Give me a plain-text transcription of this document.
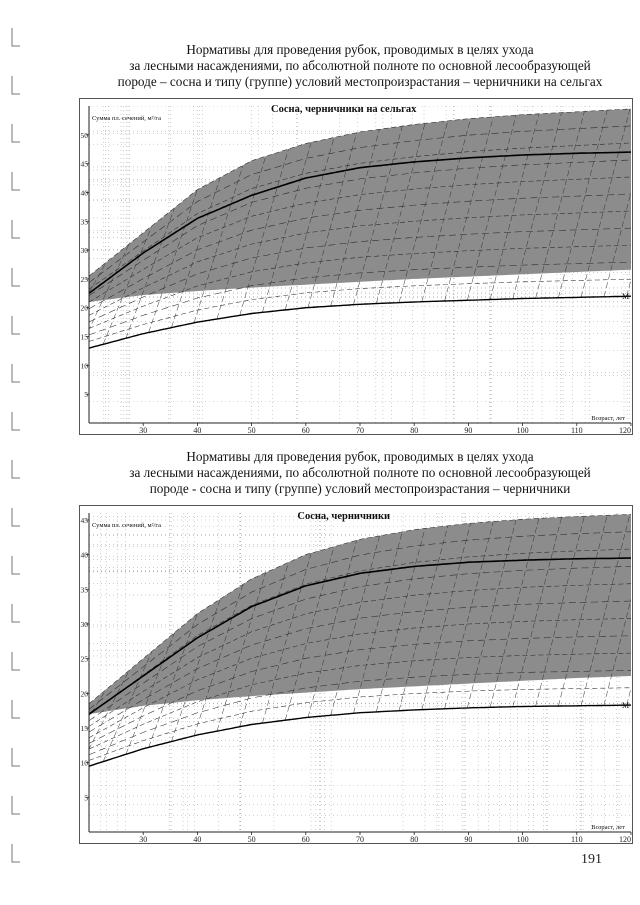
Нормативы для проведения рубок, проводимых в целях ухода
за лесными насаждениями, по абсолютной полноте по основной лесообразующей
породе – сосна и типу (группе) условий местопроизрастания – черничники на сельгах
5
10
15
20
25
30
35
40
45
50
30	40	50	60	70	80	90	100	110	120
Сосна, черничники на сельгах
Сумма пл. сечений, м²/га
Возраст, лет
М
Нормативы для проведения рубок, проводимых в целях ухода
за лесными насаждениями, по абсолютной полноте по основной лесообразующей
породе - сосна и типу (группе) условий местопроизрастания – черничники
5
10
15
20
25
30
35
40
45
30	40	50	60	70	80	90	100	110	120
Сосна, черничники
Сумма пл. сечений, м²/га
Возраст, лет
М
191
